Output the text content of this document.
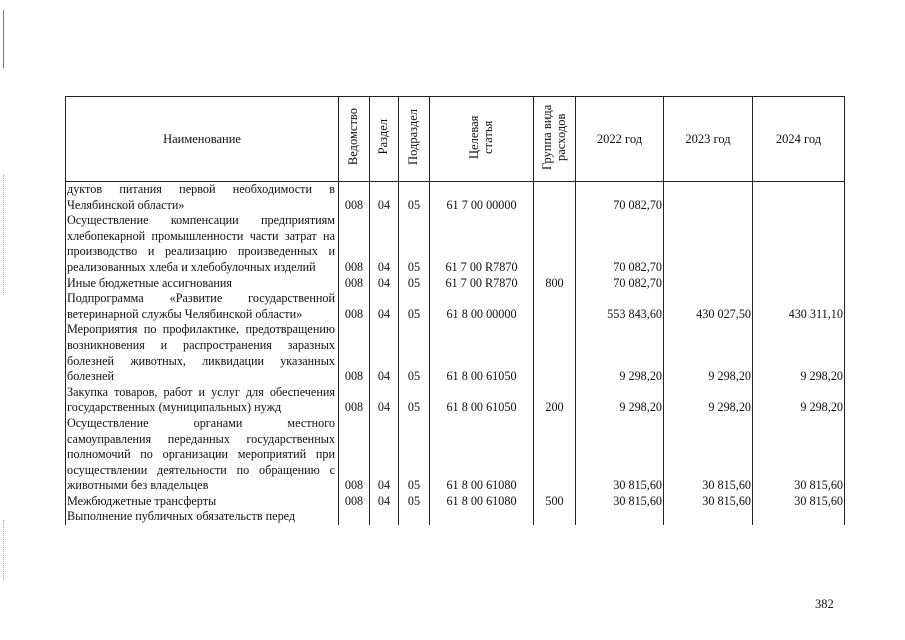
Наименование	Ведомство	Раздел	Подраздел	Целевая статья	Группа вида расходов	2022 год	2023 год	2024 год
дуктов питания первой необходимости в Челябинской области»	008	04	05	61 7 00 00000		70 082,70		
Осуществление компенсации предприятиям хлебопекарной промышленности части затрат на производство и реализацию произведенных и реализованных хлеба и хлебобулочных изделий	008	04	05	61 7 00 R7870		70 082,70		
Иные бюджетные ассигнования	008	04	05	61 7 00 R7870	800	70 082,70		
Подпрограмма «Развитие государственной ветеринарной службы Челябинской области»	008	04	05	61 8 00 00000		553 843,60	430 027,50	430 311,10
Мероприятия по профилактике, предотвращению возникновения и распространения заразных болезней животных, ликвидации указанных болезней	008	04	05	61 8 00 61050		9 298,20	9 298,20	9 298,20
Закупка товаров, работ и услуг для обеспечения государственных (муниципальных) нужд	008	04	05	61 8 00 61050	200	9 298,20	9 298,20	9 298,20
Осуществление органами местного самоуправления переданных государственных полномочий по организации мероприятий при осуществлении деятельности по обращению с животными без владельцев	008	04	05	61 8 00 61080		30 815,60	30 815,60	30 815,60
Межбюджетные трансферты	008	04	05	61 8 00 61080	500	30 815,60	30 815,60	30 815,60
Выполнение публичных обязательств перед								
382
